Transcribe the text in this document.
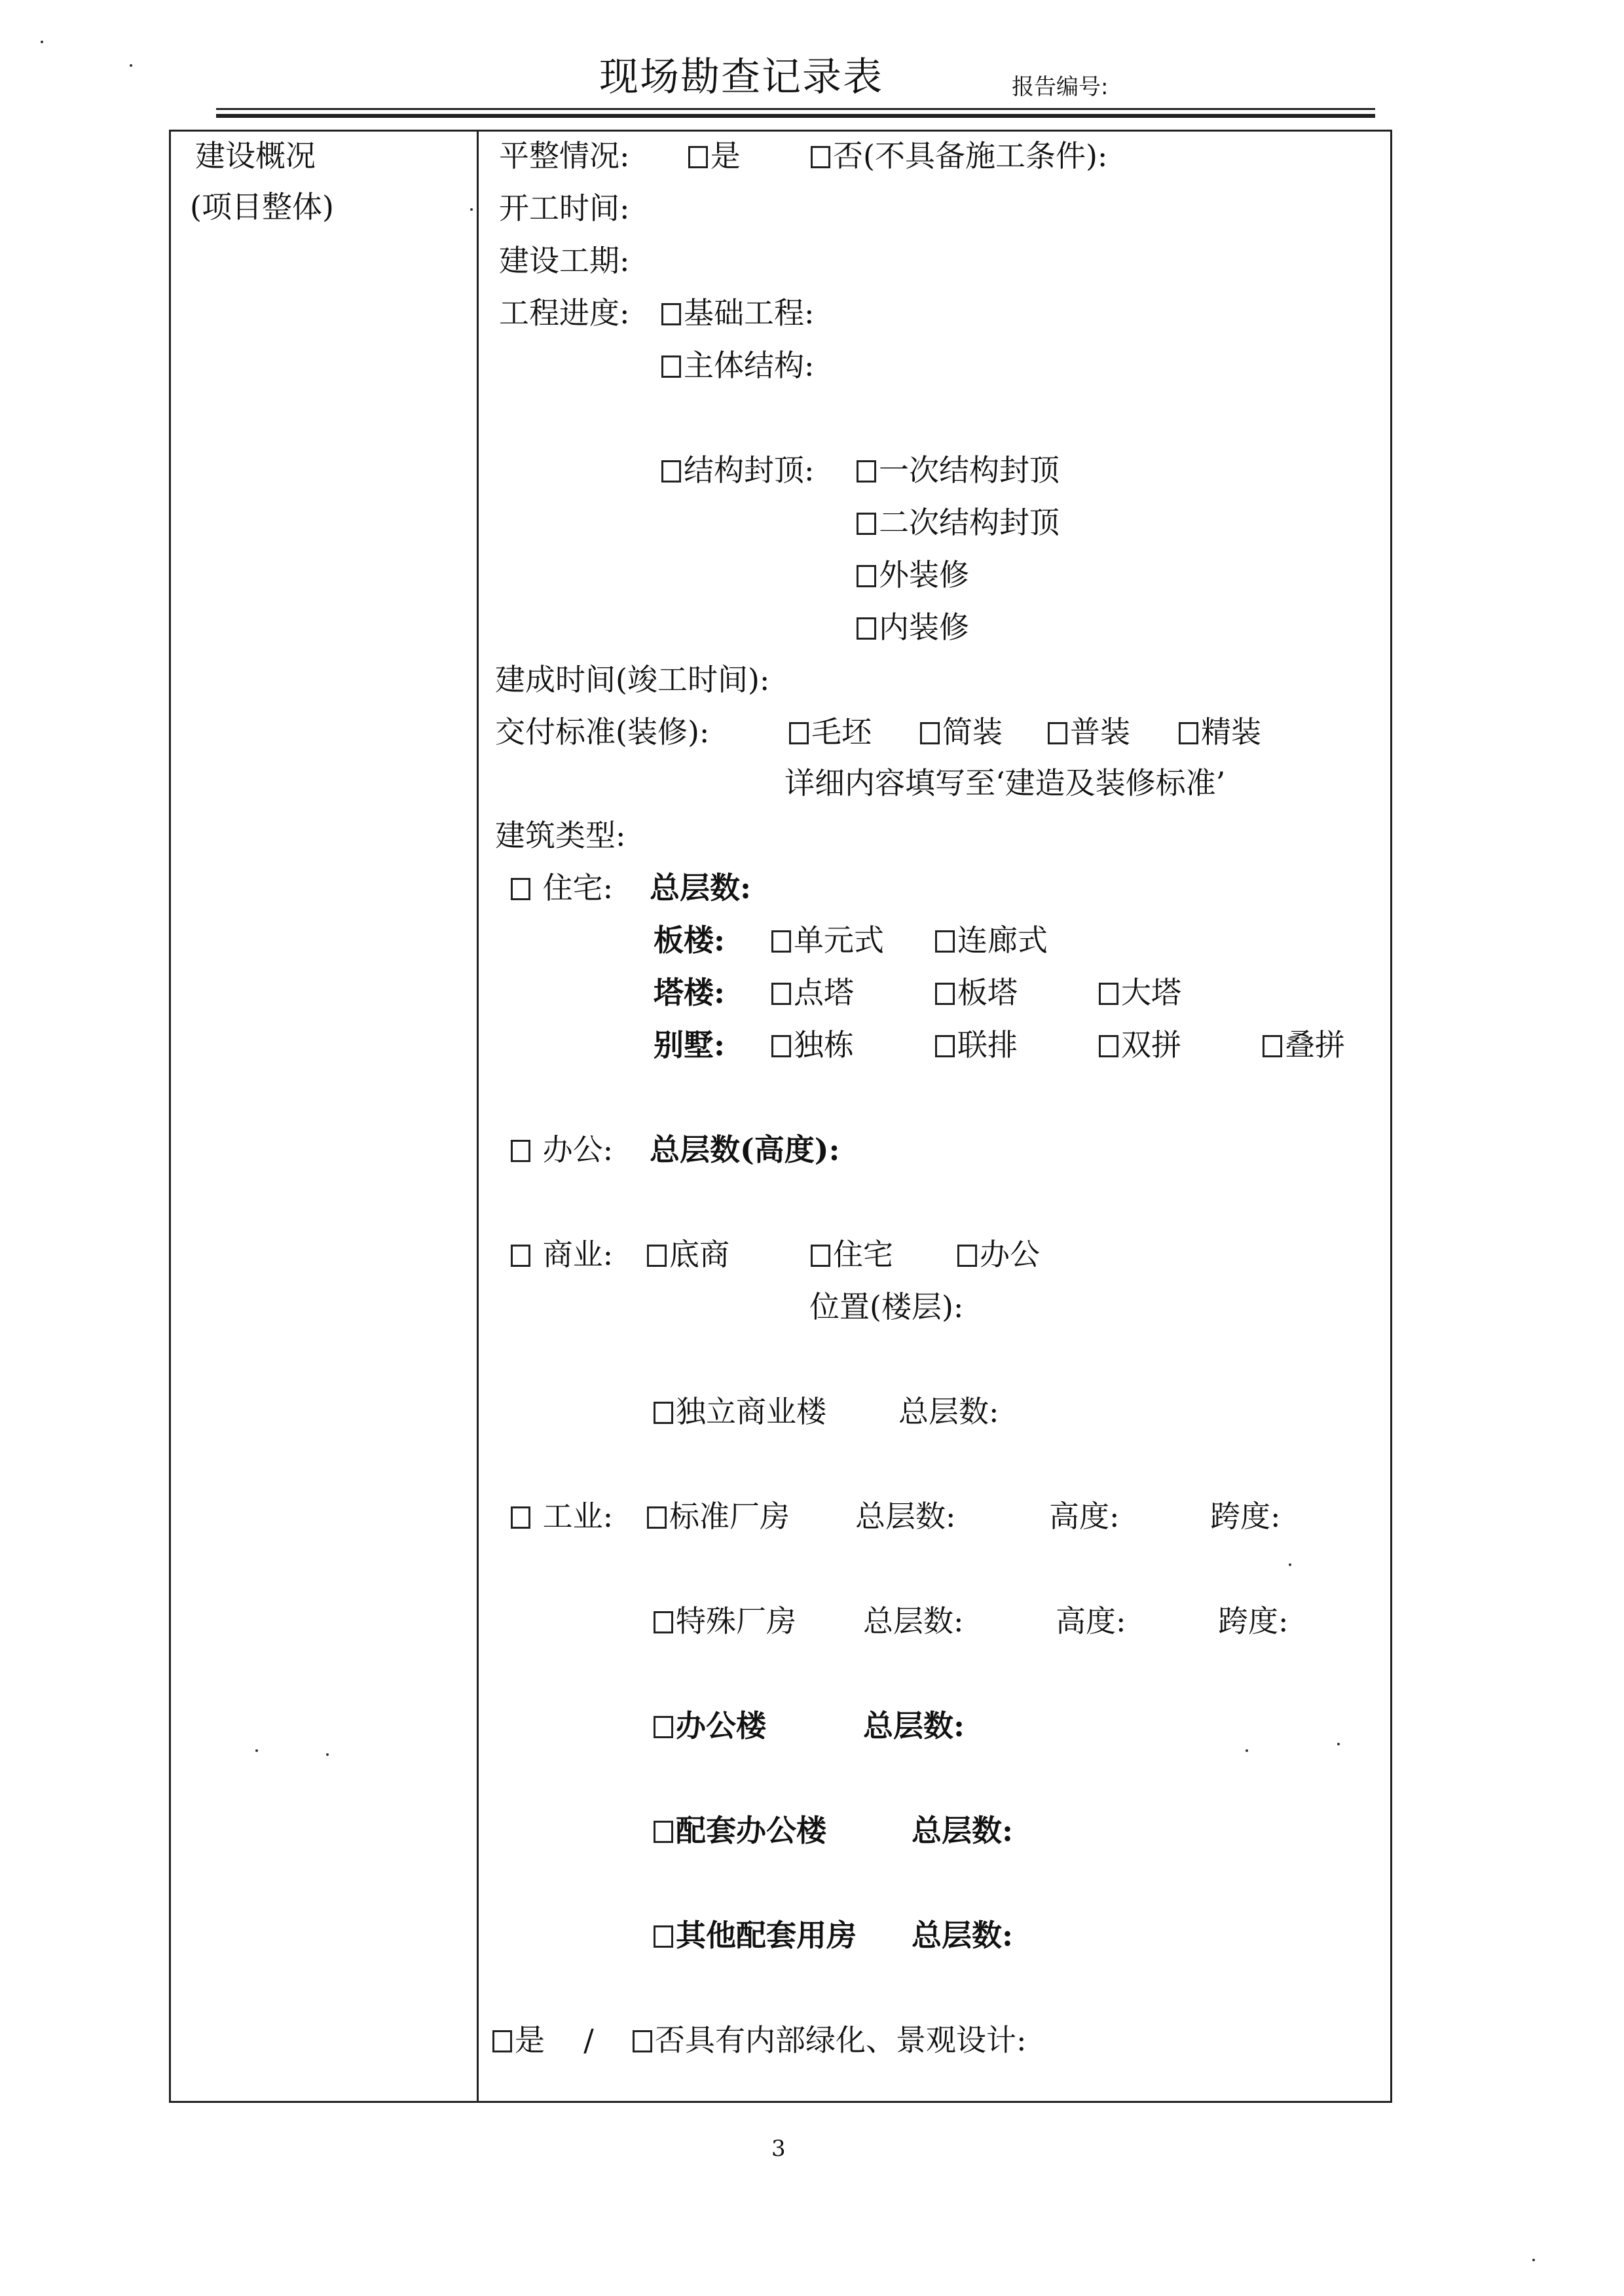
现场勘查记录表	报告编号:
建设概况
(项目整体)
平整情况:	是	否(不具备施工条件):
开工时间:
建设工期:
工程进度:	基础工程:
主体结构:
结构封顶:	一次结构封顶
二次结构封顶
外装修
内装修
建成时间(竣工时间):
交付标准(装修):	毛坯	简装	普装	精装
详细内容填写至‘建造及装修标准’
建筑类型:
住宅: 总层数:
板楼:	单元式	连廊式
塔楼:	点塔	板塔	大塔
别墅:	独栋	联排	双拼	叠拼
办公: 总层数(高度):
商业:	底商	住宅	办公
位置(楼层):
独立商业楼 总层数:
工业:	标准厂房 总层数:	高度:	跨度:
特殊厂房 总层数:	高度:	跨度:
办公楼	总层数:
配套办公楼	总层数:
其他配套用房 总层数:
是 / 否具有内部绿化、景观设计:
3
